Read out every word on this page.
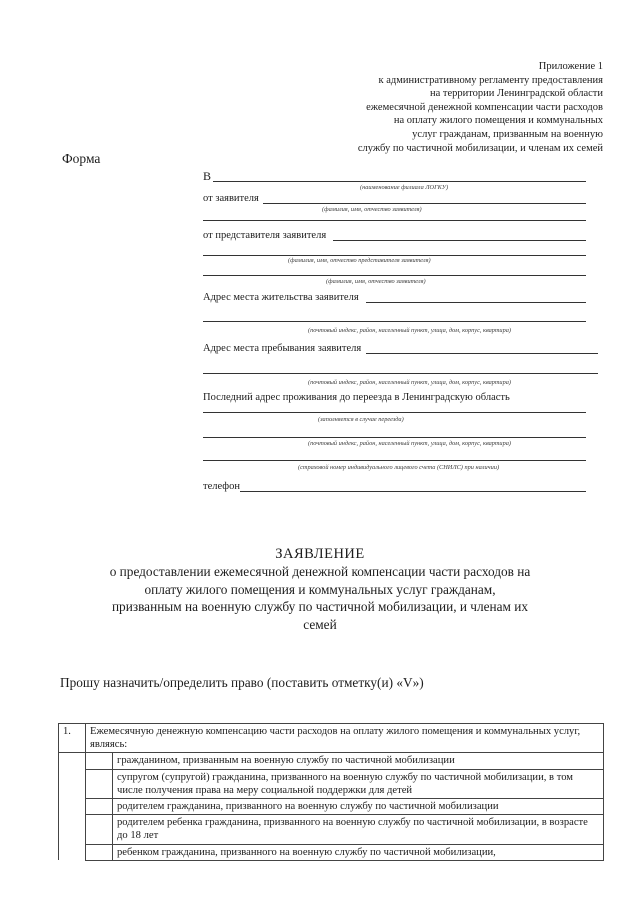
Приложение 1
к административному регламенту предоставления
на территории Ленинградской области
ежемесячной денежной компенсации части расходов
на оплату жилого помещения и коммунальных
услуг гражданам, призванным на военную
службу по частичной мобилизации, и членам их семей
Форма
В
(наименование филиала ЛОГКУ)
от заявителя
(фамилия, имя, отчество заявителя)
от представителя заявителя
(фамилия, имя, отчество представителя заявителя)
(фамилия, имя, отчество заявителя)
Адрес места жительства заявителя
(почтовый индекс, район, населенный пункт, улица, дом, корпус, квартира)
Адрес места пребывания заявителя
(почтовый индекс, район, населенный пункт, улица, дом, корпус, квартира)
Последний адрес проживания до переезда в Ленинградскую область
(заполняется в случае переезда)
(почтовый индекс, район, населенный пункт, улица, дом, корпус, квартира)
(страховой номер индивидуального лицевого счета (СНИЛС) при наличии)
телефон
ЗАЯВЛЕНИЕ
о предоставлении ежемесячной денежной компенсации части расходов на
оплату жилого помещения и коммунальных услуг гражданам,
призванным на военную службу по частичной мобилизации, и членам их
семей
Прошу назначить/определить право (поставить отметку(и) «V»)
1.	Ежемесячную денежную компенсацию части расходов на оплату жилого помещения и коммунальных услуг, являясь:	
		гражданином, призванным на военную службу по частичной мобилизации
		супругом (супругой) гражданина, призванного на военную службу по частичной мобилизации, в том числе получения права на меру социальной поддержки для детей
		родителем гражданина, призванного на военную службу по частичной мобилизации
		родителем ребенка гражданина, призванного на военную службу по частичной мобилизации, в возрасте до 18 лет
		ребенком гражданина, призванного на военную службу по частичной мобилизации,
